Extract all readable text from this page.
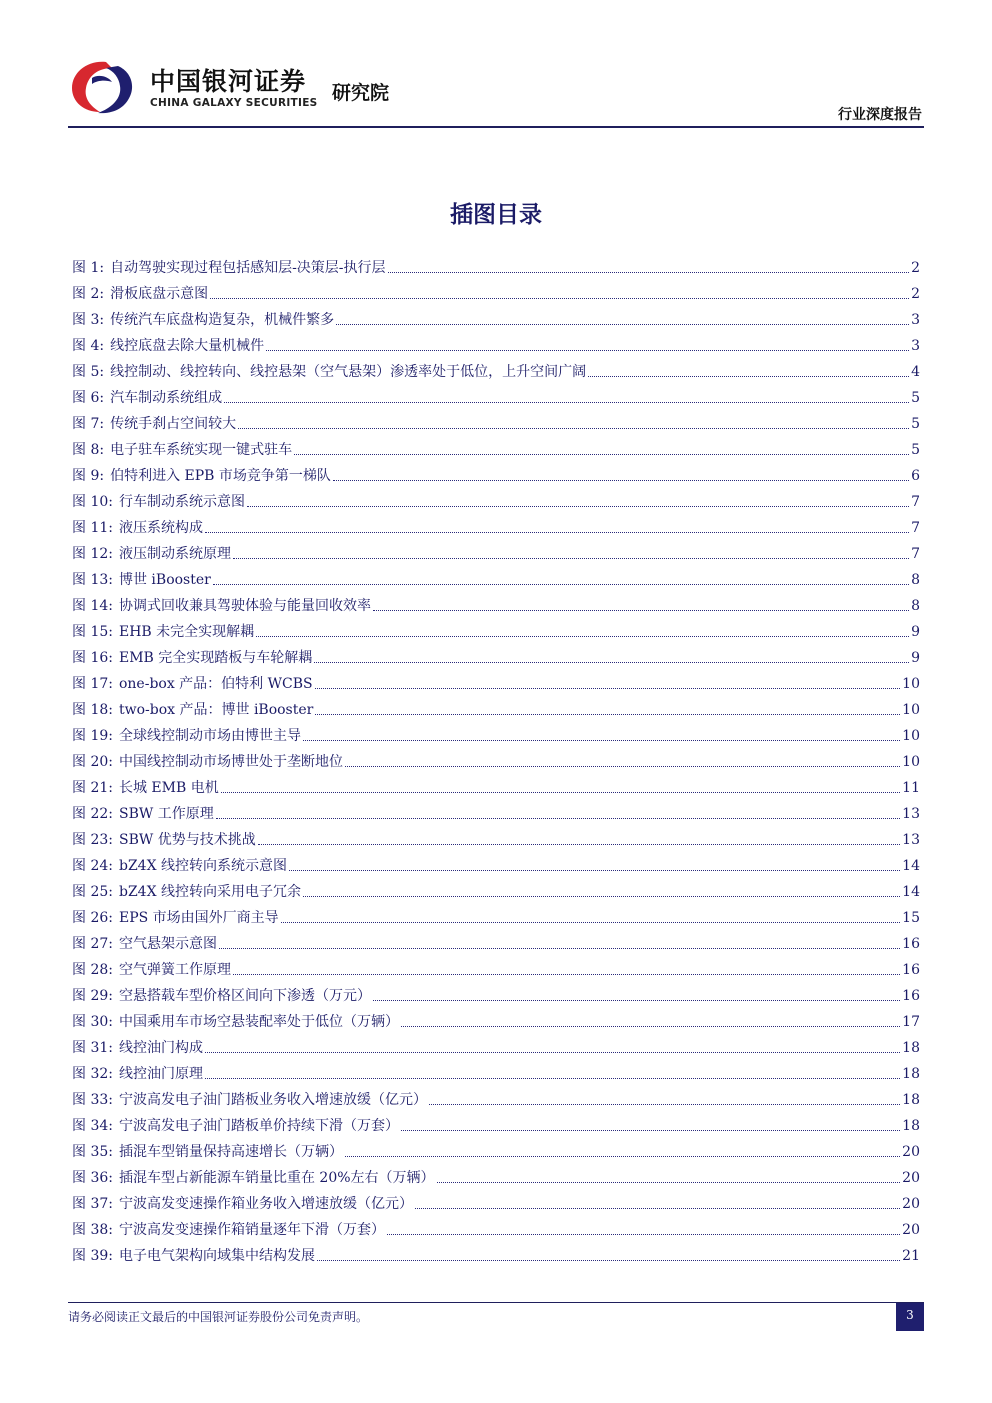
中国银河证券
CHINA GALAXY SECURITIES 研究院
行业深度报告
插图目录
图 1: 自动驾驶实现过程包括感知层-决策层-执行层	2
图 2: 滑板底盘示意图	2
图 3: 传统汽车底盘构造复杂，机械件繁多	3
图 4: 线控底盘去除大量机械件	3
图 5: 线控制动、线控转向、线控悬架（空气悬架）渗透率处于低位，上升空间广阔	4
图 6: 汽车制动系统组成	5
图 7: 传统手刹占空间较大	5
图 8: 电子驻车系统实现一键式驻车	5
图 9: 伯特利进入 EPB 市场竞争第一梯队	6
图 10: 行车制动系统示意图	7
图 11: 液压系统构成	7
图 12: 液压制动系统原理	7
图 13: 博世 iBooster	8
图 14: 协调式回收兼具驾驶体验与能量回收效率	8
图 15: EHB 未完全实现解耦	9
图 16: EMB 完全实现踏板与车轮解耦	9
图 17: one-box 产品：伯特利 WCBS	10
图 18: two-box 产品：博世 iBooster	10
图 19: 全球线控制动市场由博世主导	10
图 20: 中国线控制动市场博世处于垄断地位	10
图 21: 长城 EMB 电机	11
图 22: SBW 工作原理	13
图 23: SBW 优势与技术挑战	13
图 24: bZ4X 线控转向系统示意图	14
图 25: bZ4X 线控转向采用电子冗余	14
图 26: EPS 市场由国外厂商主导	15
图 27: 空气悬架示意图	16
图 28: 空气弹簧工作原理	16
图 29: 空悬搭载车型价格区间向下渗透（万元）	16
图 30: 中国乘用车市场空悬装配率处于低位（万辆）	17
图 31: 线控油门构成	18
图 32: 线控油门原理	18
图 33: 宁波高发电子油门踏板业务收入增速放缓（亿元）	18
图 34: 宁波高发电子油门踏板单价持续下滑（万套）	18
图 35: 插混车型销量保持高速增长（万辆）	20
图 36: 插混车型占新能源车销量比重在 20%左右（万辆）	20
图 37: 宁波高发变速操作箱业务收入增速放缓（亿元）	20
图 38: 宁波高发变速操作箱销量逐年下滑（万套）	20
图 39: 电子电气架构向域集中结构发展	21
请务必阅读正文最后的中国银河证券股份公司免责声明。	3
